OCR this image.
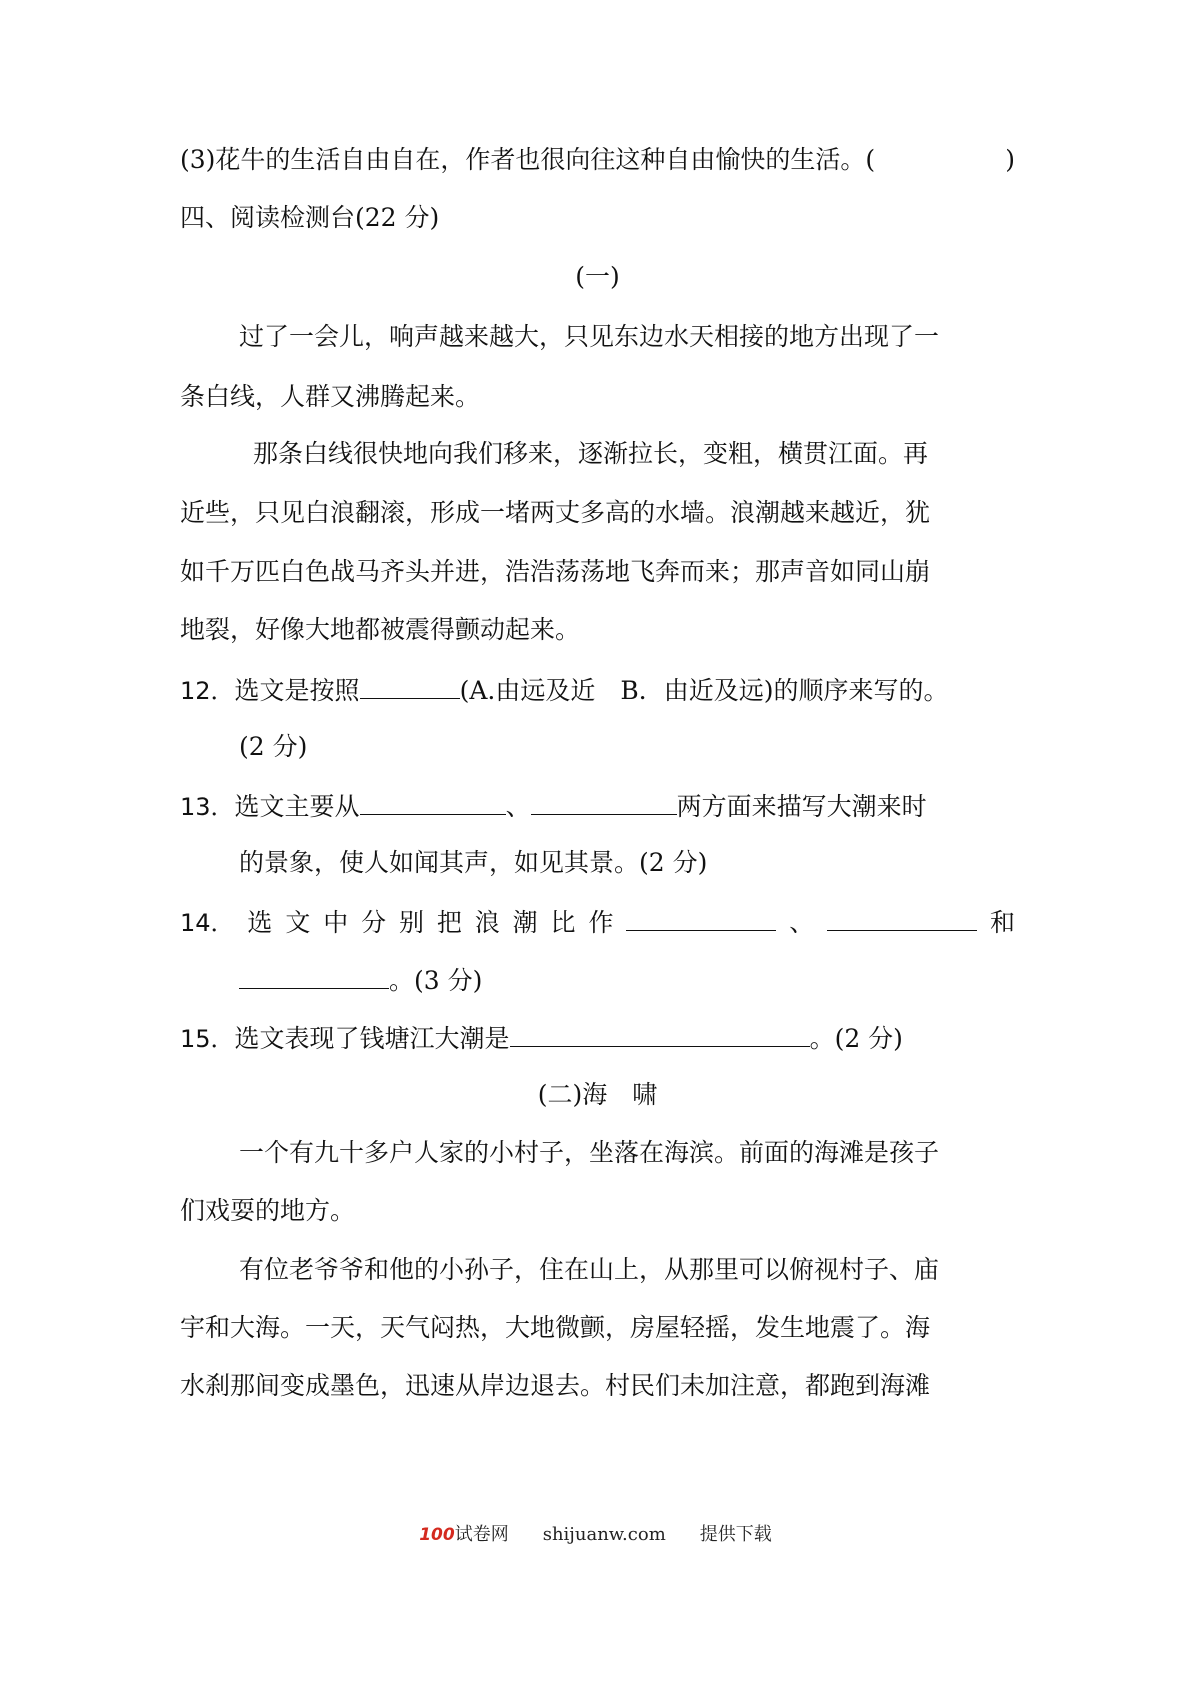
(3)花牛的生活自由自在，作者也很向往这种自由愉快的生活。(	)
四、阅读检测台(22 分)
(一)
过了一会儿，响声越来越大，只见东边水天相接的地方出现了一
条白线，人群又沸腾起来。
那条白线很快地向我们移来，逐渐拉长，变粗，横贯江面。再
近些，只见白浪翻滚，形成一堵两丈多高的水墙。浪潮越来越近，犹
如千万匹白色战马齐头并进，浩浩荡荡地飞奔而来；那声音如同山崩
地裂，好像大地都被震得颤动起来。
12．选文是按照	(A.由远及近　B．由近及远)的顺序来写的。
(2 分)
13．选文主要从	、	两方面来描写大潮来时
的景象，使人如闻其声，如见其景。(2 分)
14． 选 文 中 分 别 把 浪 潮 比 作	、	和
。(3 分)
15．选文表现了钱塘江大潮是	。(2 分)
(二)海　啸
一个有九十多户人家的小村子，坐落在海滨。前面的海滩是孩子
们戏耍的地方。
有位老爷爷和他的小孙子，住在山上，从那里可以俯视村子、庙
宇和大海。一天，天气闷热，大地微颤，房屋轻摇，发生地震了。海
水刹那间变成墨色，迅速从岸边退去。村民们未加注意，都跑到海滩
100试卷网 shijuanw.com 提供下载
